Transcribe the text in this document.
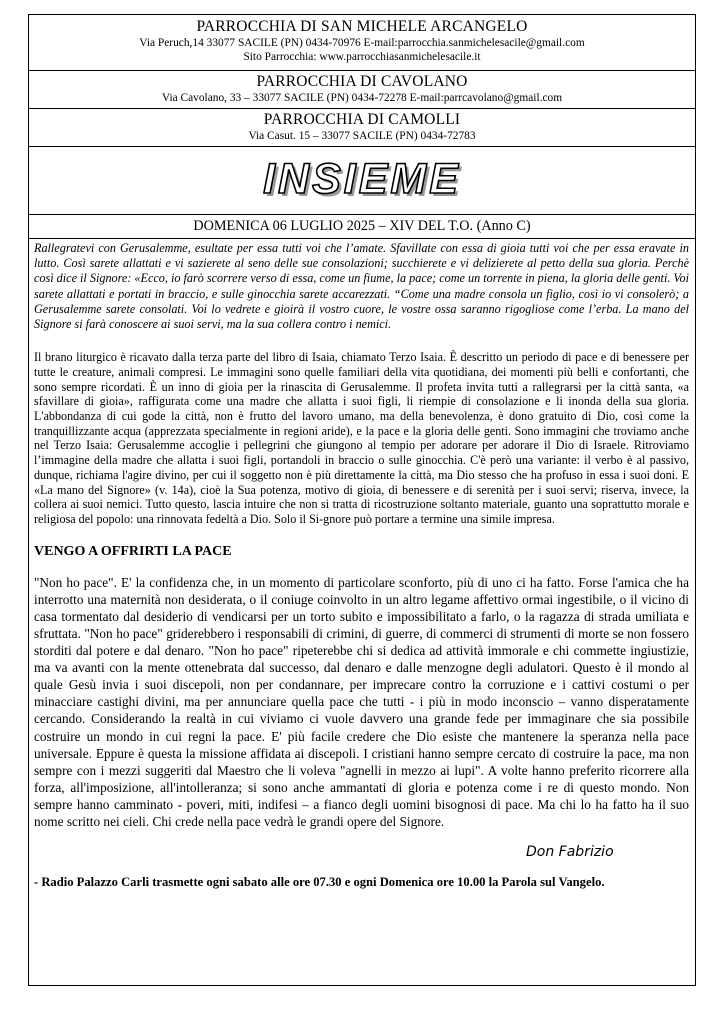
PARROCCHIA DI SAN MICHELE ARCANGELO
Via Peruch,14 33077 SACILE (PN) 0434-70976 E-mail:parrocchia.sanmichelesacile@gmail.com
Sito Parrocchia: www.parrocchiasanmichelesacile.it
PARROCCHIA DI CAVOLANO
Via Cavolano, 33 – 33077 SACILE (PN) 0434-72278 E-mail:parrcavolano@gmail.com
PARROCCHIA DI CAMOLLI
Via Casut. 15 – 33077 SACILE (PN) 0434-72783
INSIEME
DOMENICA 06 LUGLIO 2025 – XIV DEL T.O. (Anno C)

Rallegratevi con Gerusalemme, esultate per essa tutti voi che l’amate. Sfavillate con essa di gioia tutti voi che per essa eravate in lutto. Così sarete allattati e vi sazierete al seno delle sue consolazioni; succhierete e vi delizierete al petto della sua gloria. Perchè così dice il Signore: «Ecco, io farò scorrere verso di essa, come un fiume, la pace; come un torrente in piena, la gloria delle genti. Voi sarete allattati e portati in braccio, e sulle ginocchia sarete accarezzati. “Come una madre consola un figlio, così io vi consolerò; a Gerusalemme sarete consolati. Voi lo vedrete e gioirà il vostro cuore, le vostre ossa saranno rigogliose come l’erba. La mano del Signore si farà conoscere ai suoi servi, ma la sua collera contro i nemici.

Il brano liturgico è ricavato dalla terza parte del libro di Isaia, chiamato Terzo Isaia. È descritto un periodo di pace e di benessere per tutte le creature, animali compresi. Le immagini sono quelle familiari della vita quotidiana, dei momenti più belli e confortanti, che sono sempre ricordati. È un inno di gioia per la rinascita di Gerusalemme. Il profeta invita tutti a rallegrarsi per la città santa, «a sfavillare di gioia», raffigurata come una madre che allatta i suoi figli, li riempie di consolazione e li inonda della sua gloria. L'abbondanza di cui gode la città, non è frutto del lavoro umano, ma della benevolenza, è dono gratuito di Dio, così come la tranquillizzante acqua (apprezzata specialmente in regioni aride), e la pace e la gloria delle genti. Sono immagini che troviamo anche nel Terzo Isaia: Gerusalemme accoglie i pellegrini che giungono al tempio per adorare per adorare il Dio di Israele. Ritroviamo l’immagine della madre che allatta i suoi figli, portandoli in braccio o sulle ginocchia. C'è però una variante: il verbo è al passivo, dunque, richiama l'agire divino, per cui il soggetto non è più direttamente la città, ma Dio stesso che ha profuso in essa i suoi doni. E «La mano del Signore» (v. 14a), cioè la Sua potenza, motivo di gioia, di benessere e di serenità per i suoi servi; riserva, invece, la collera ai suoi nemici. Tutto questo, lascia intuire che non si tratta di ricostruzione soltanto materiale, guanto una soprattutto morale e religiosa del popolo: una rinnovata fedeltà a Dio. Solo il Si-gnore può portare a termine una simile impresa.

VENGO A OFFRIRTI LA PACE

"Non ho pace". E' la confidenza che, in un momento di particolare sconforto, più di uno ci ha fatto. Forse l'amica che ha interrotto una maternità non desiderata, o il coniuge coinvolto in un altro legame affettivo ormai ingestibile, o il vicino di casa tormentato dal desiderio di vendicarsi per un torto subito e impossibilitato a farlo, o la ragazza di strada umiliata e sfruttata. "Non ho pace" griderebbero i responsabili di crimini, di guerre, di commerci di strumenti di morte se non fossero storditi dal potere e dal denaro. "Non ho pace" ripeterebbe chi si dedica ad attività immorale e chi commette ingiustizie, ma va avanti con la mente ottenebrata dal successo, dal denaro e dalle menzogne degli adulatori. Questo è il mondo al quale Gesù invia i suoi discepoli, non per condannare, per imprecare contro la corruzione e i cattivi costumi o per minacciare castighi divini, ma per annunciare quella pace che tutti - i più in modo inconscio – vanno disperatamente cercando. Considerando la realtà in cui viviamo ci vuole davvero una grande fede per immaginare che sia possibile costruire un mondo in cui regni la pace. E' più facile credere che Dio esiste che mantenere la speranza nella pace universale. Eppure è questa la missione affidata ai discepoli. I cristiani hanno sempre cercato di costruire la pace, ma non sempre con i mezzi suggeriti dal Maestro che li voleva "agnelli in mezzo ai lupi". A volte hanno preferito ricorrere alla forza, all'imposizione, all'intolleranza; si sono anche ammantati di gloria e potenza come i re di questo mondo. Non sempre hanno camminato - poveri, miti, indifesi – a fianco degli uomini bisognosi di pace. Ma chi lo ha fatto ha il suo nome scritto nei cieli. Chi crede nella pace vedrà le grandi opere del Signore.

Don Fabrizio

- Radio Palazzo Carli trasmette ogni sabato alle ore 07.30 e ogni Domenica ore 10.00 la Parola sul Vangelo.
